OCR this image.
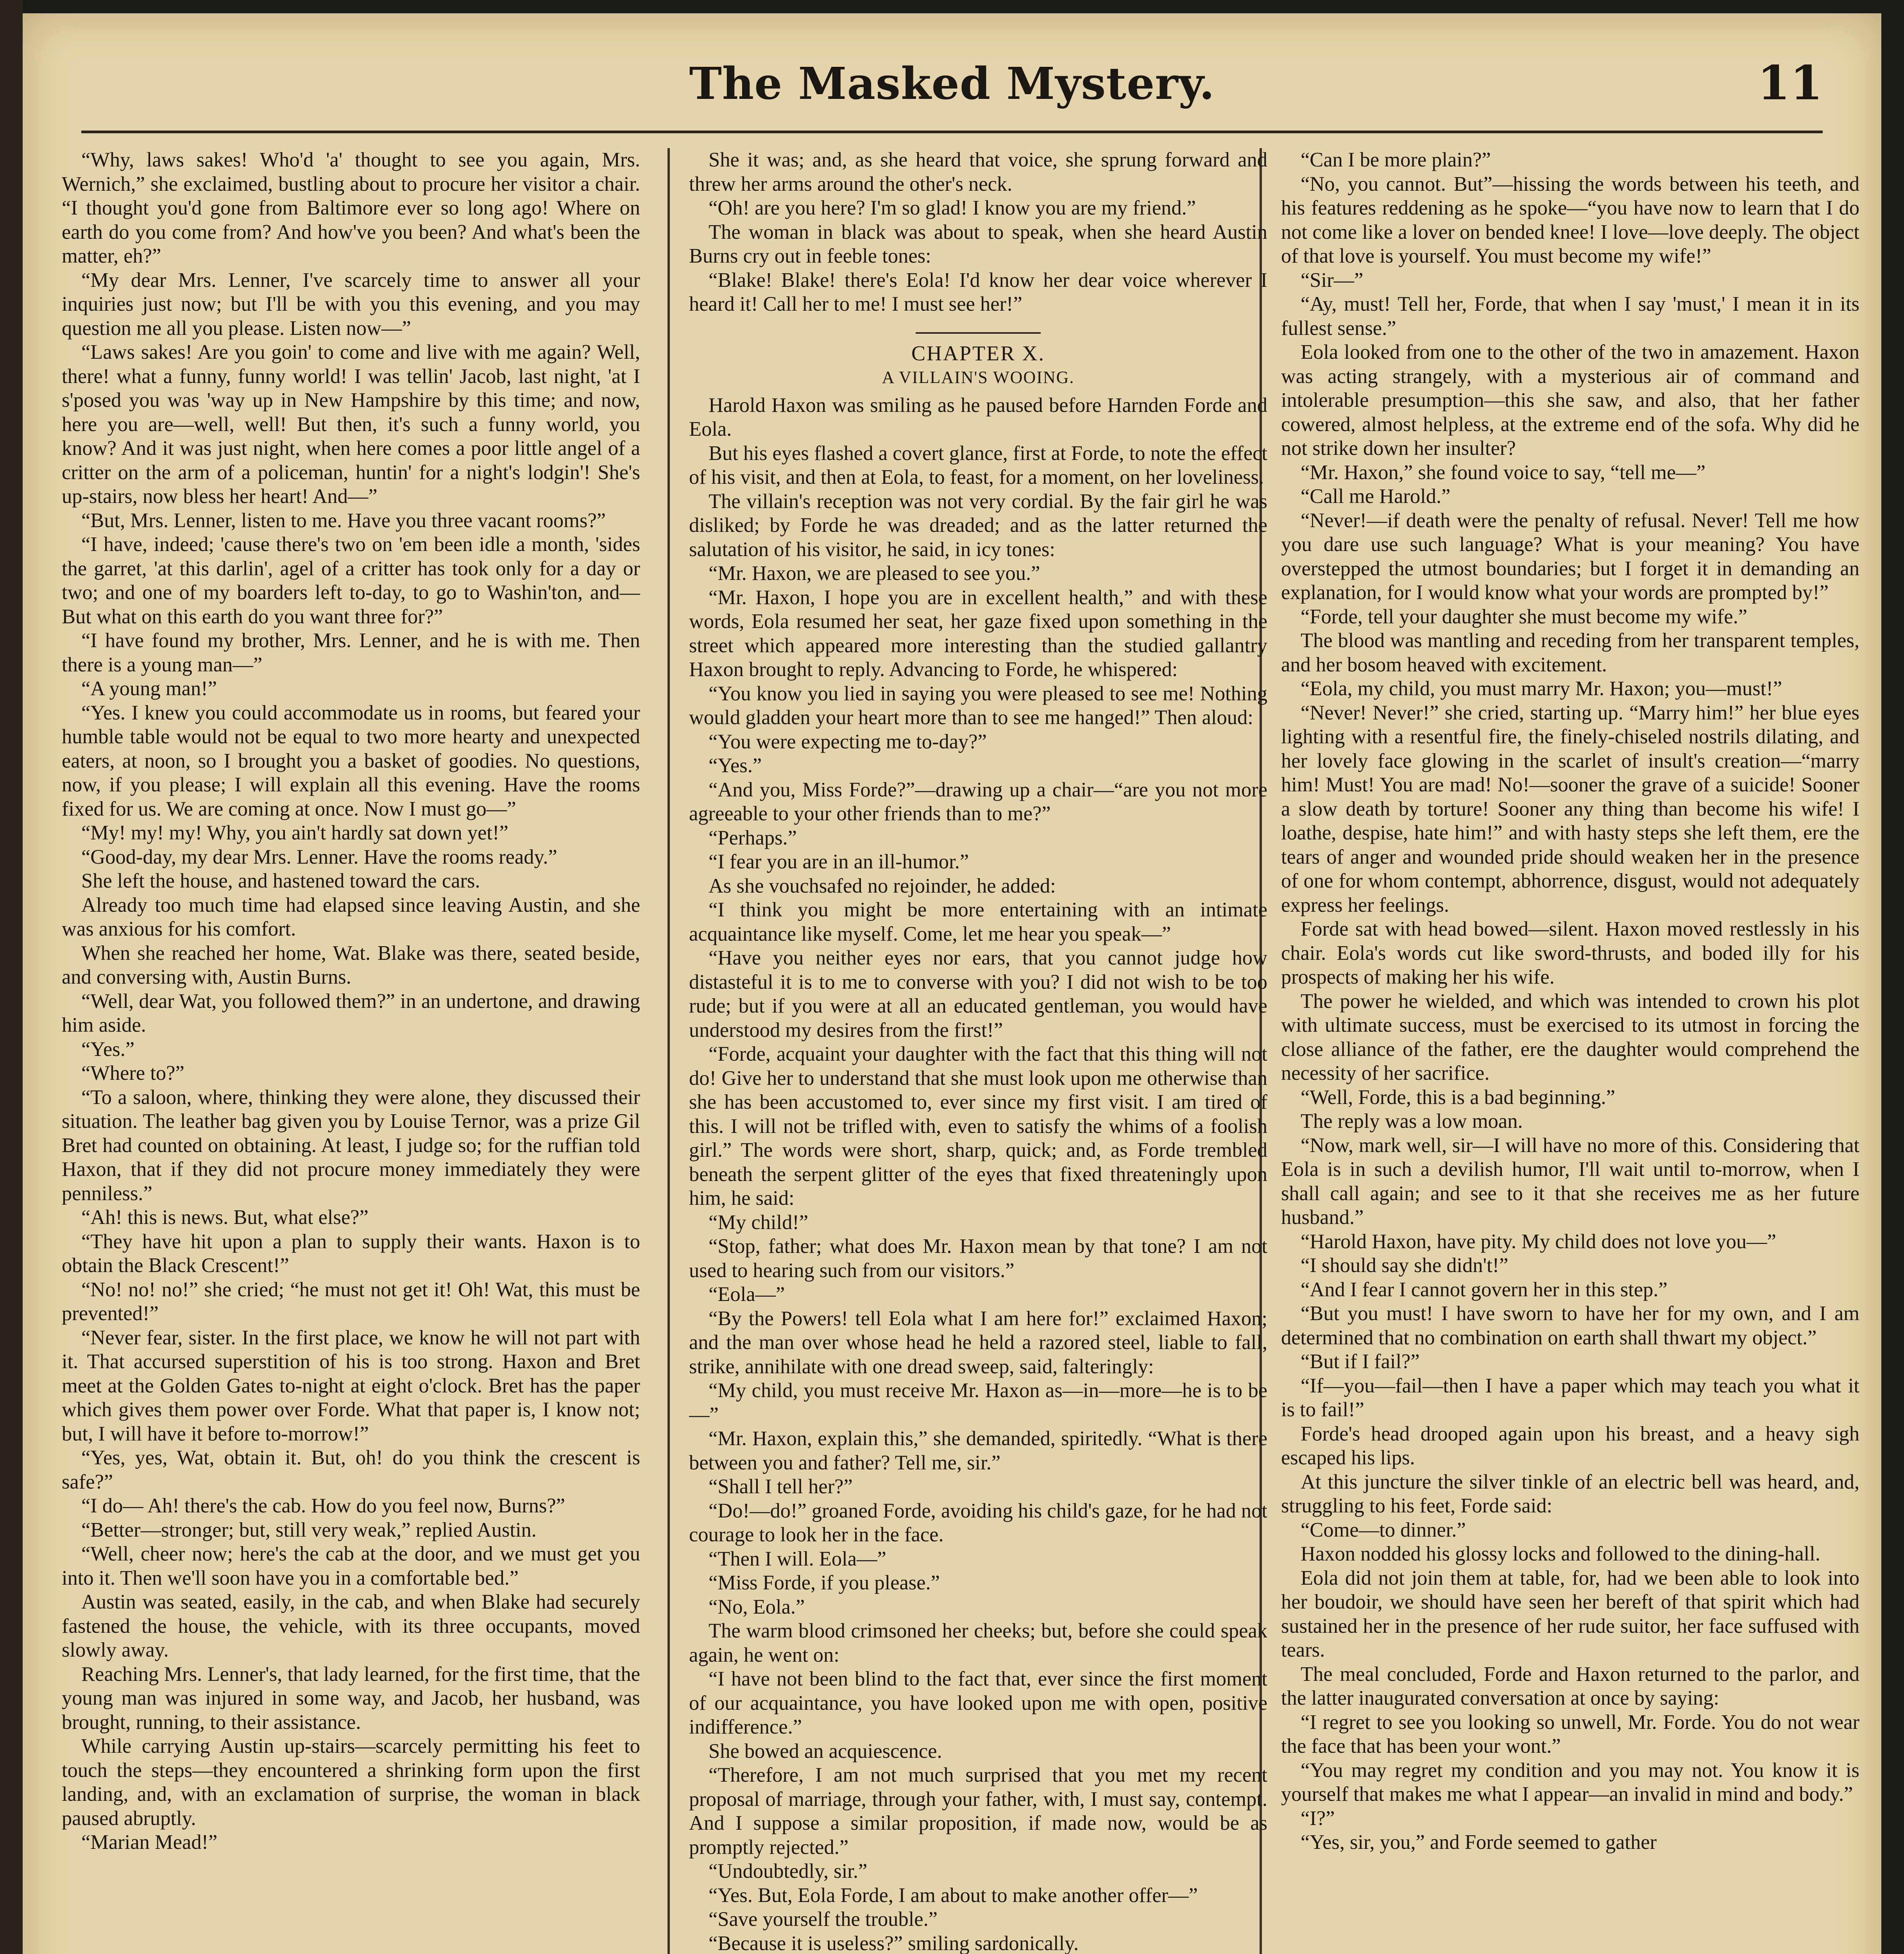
The Masked Mystery.	11

“Why, laws sakes! Who'd 'a' thought to see you again, Mrs. Wernich,” she exclaimed, bustling about to procure her visitor a chair. “I thought you'd gone from Baltimore ever so long ago! Where on earth do you come from? And how've you been? And what's been the matter, eh?”

“My dear Mrs. Lenner, I've scarcely time to answer all your inquiries just now; but I'll be with you this evening, and you may question me all you please. Listen now—”

“Laws sakes! Are you goin' to come and live with me again? Well, there! what a funny, funny world! I was tellin' Jacob, last night, 'at I s'posed you was 'way up in New Hampshire by this time; and now, here you are—well, well! But then, it's such a funny world, you know? And it was just night, when here comes a poor little angel of a critter on the arm of a policeman, huntin' for a night's lodgin'! She's up-stairs, now bless her heart! And—”

“But, Mrs. Lenner, listen to me. Have you three vacant rooms?”

“I have, indeed; 'cause there's two on 'em been idle a month, 'sides the garret, 'at this darlin', agel of a critter has took only for a day or two; and one of my boarders left to-day, to go to Washin'ton, and— But what on this earth do you want three for?”

“I have found my brother, Mrs. Lenner, and he is with me. Then there is a young man—”

“A young man!”

“Yes. I knew you could accommodate us in rooms, but feared your humble table would not be equal to two more hearty and unexpected eaters, at noon, so I brought you a basket of goodies. No questions, now, if you please; I will explain all this evening. Have the rooms fixed for us. We are coming at once. Now I must go—”

“My! my! my! Why, you ain't hardly sat down yet!”

“Good-day, my dear Mrs. Lenner. Have the rooms ready.”

She left the house, and hastened toward the cars.

Already too much time had elapsed since leaving Austin, and she was anxious for his comfort.

When she reached her home, Wat. Blake was there, seated beside, and conversing with, Austin Burns.

“Well, dear Wat, you followed them?” in an undertone, and drawing him aside.

“Yes.”

“Where to?”

“To a saloon, where, thinking they were alone, they discussed their situation. The leather bag given you by Louise Ternor, was a prize Gil Bret had counted on obtaining. At least, I judge so; for the ruffian told Haxon, that if they did not procure money immediately they were penniless.”

“Ah! this is news. But, what else?”

“They have hit upon a plan to supply their wants. Haxon is to obtain the Black Crescent!”

“No! no! no!” she cried; “he must not get it! Oh! Wat, this must be prevented!”

“Never fear, sister. In the first place, we know he will not part with it. That accursed superstition of his is too strong. Haxon and Bret meet at the Golden Gates to-night at eight o'clock. Bret has the paper which gives them power over Forde. What that paper is, I know not; but, I will have it before to-morrow!”

“Yes, yes, Wat, obtain it. But, oh! do you think the crescent is safe?”

“I do— Ah! there's the cab. How do you feel now, Burns?”

“Better—stronger; but, still very weak,” replied Austin.

“Well, cheer now; here's the cab at the door, and we must get you into it. Then we'll soon have you in a comfortable bed.”

Austin was seated, easily, in the cab, and when Blake had securely fastened the house, the vehicle, with its three occupants, moved slowly away.

Reaching Mrs. Lenner's, that lady learned, for the first time, that the young man was injured in some way, and Jacob, her husband, was brought, running, to their assistance.

While carrying Austin up-stairs—scarcely permitting his feet to touch the steps—they encountered a shrinking form upon the first landing, and, with an exclamation of surprise, the woman in black paused abruptly.

“Marian Mead!”

She it was; and, as she heard that voice, she sprung forward and threw her arms around the other's neck.

“Oh! are you here? I'm so glad! I know you are my friend.”

The woman in black was about to speak, when she heard Austin Burns cry out in feeble tones:

“Blake! Blake! there's Eola! I'd know her dear voice wherever I heard it! Call her to me! I must see her!”

CHAPTER X.
A VILLAIN'S WOOING.

Harold Haxon was smiling as he paused before Harnden Forde and Eola.

But his eyes flashed a covert glance, first at Forde, to note the effect of his visit, and then at Eola, to feast, for a moment, on her loveliness.

The villain's reception was not very cordial. By the fair girl he was disliked; by Forde he was dreaded; and as the latter returned the salutation of his visitor, he said, in icy tones:

“Mr. Haxon, we are pleased to see you.”

“Mr. Haxon, I hope you are in excellent health,” and with these words, Eola resumed her seat, her gaze fixed upon something in the street which appeared more interesting than the studied gallantry Haxon brought to reply. Advancing to Forde, he whispered:

“You know you lied in saying you were pleased to see me! Nothing would gladden your heart more than to see me hanged!” Then aloud:

“You were expecting me to-day?”

“Yes.”

“And you, Miss Forde?”—drawing up a chair—“are you not more agreeable to your other friends than to me?”

“Perhaps.”

“I fear you are in an ill-humor.”

As she vouchsafed no rejoinder, he added:

“I think you might be more entertaining with an intimate acquaintance like myself. Come, let me hear you speak—”

“Have you neither eyes nor ears, that you cannot judge how distasteful it is to me to converse with you? I did not wish to be too rude; but if you were at all an educated gentleman, you would have understood my desires from the first!”

“Forde, acquaint your daughter with the fact that this thing will not do! Give her to understand that she must look upon me otherwise than she has been accustomed to, ever since my first visit. I am tired of this. I will not be trifled with, even to satisfy the whims of a foolish girl.” The words were short, sharp, quick; and, as Forde trembled beneath the serpent glitter of the eyes that fixed threateningly upon him, he said:

“My child!”

“Stop, father; what does Mr. Haxon mean by that tone? I am not used to hearing such from our visitors.”

“Eola—”

“By the Powers! tell Eola what I am here for!” exclaimed Haxon; and the man over whose head he held a razored steel, liable to fall, strike, annihilate with one dread sweep, said, falteringly:

“My child, you must receive Mr. Haxon as—in—more—he is to be—”

“Mr. Haxon, explain this,” she demanded, spiritedly. “What is there between you and father? Tell me, sir.”

“Shall I tell her?”

“Do!—do!” groaned Forde, avoiding his child's gaze, for he had not courage to look her in the face.

“Then I will. Eola—”

“Miss Forde, if you please.”

“No, Eola.”

The warm blood crimsoned her cheeks; but, before she could speak again, he went on:

“I have not been blind to the fact that, ever since the first moment of our acquaintance, you have looked upon me with open, positive indifference.”

She bowed an acquiescence.

“Therefore, I am not much surprised that you met my recent proposal of marriage, through your father, with, I must say, contempt. And I suppose a similar proposition, if made now, would be as promptly rejected.”

“Undoubtedly, sir.”

“Yes. But, Eola Forde, I am about to make another offer—”

“Save yourself the trouble.”

“Because it is useless?” smiling sardonically.

“Can I be more plain?”

“No, you cannot. But”—hissing the words between his teeth, and his features reddening as he spoke—“you have now to learn that I do not come like a lover on bended knee! I love—love deeply. The object of that love is yourself. You must become my wife!”

“Sir—”

“Ay, must! Tell her, Forde, that when I say 'must,' I mean it in its fullest sense.”

Eola looked from one to the other of the two in amazement. Haxon was acting strangely, with a mysterious air of command and intolerable presumption—this she saw, and also, that her father cowered, almost helpless, at the extreme end of the sofa. Why did he not strike down her insulter?

“Mr. Haxon,” she found voice to say, “tell me—”

“Call me Harold.”

“Never!—if death were the penalty of refusal. Never! Tell me how you dare use such language? What is your meaning? You have overstepped the utmost boundaries; but I forget it in demanding an explanation, for I would know what your words are prompted by!”

“Forde, tell your daughter she must become my wife.”

The blood was mantling and receding from her transparent temples, and her bosom heaved with excitement.

“Eola, my child, you must marry Mr. Haxon; you—must!”

“Never! Never!” she cried, starting up. “Marry him!” her blue eyes lighting with a resentful fire, the finely-chiseled nostrils dilating, and her lovely face glowing in the scarlet of insult's creation—“marry him! Must! You are mad! No!—sooner the grave of a suicide! Sooner a slow death by torture! Sooner any thing than become his wife! I loathe, despise, hate him!” and with hasty steps she left them, ere the tears of anger and wounded pride should weaken her in the presence of one for whom contempt, abhorrence, disgust, would not adequately express her feelings.

Forde sat with head bowed—silent. Haxon moved restlessly in his chair. Eola's words cut like sword-thrusts, and boded illy for his prospects of making her his wife.

The power he wielded, and which was intended to crown his plot with ultimate success, must be exercised to its utmost in forcing the close alliance of the father, ere the daughter would comprehend the necessity of her sacrifice.

“Well, Forde, this is a bad beginning.”

The reply was a low moan.

“Now, mark well, sir—I will have no more of this. Considering that Eola is in such a devilish humor, I'll wait until to-morrow, when I shall call again; and see to it that she receives me as her future husband.”

“Harold Haxon, have pity. My child does not love you—”

“I should say she didn't!”

“And I fear I cannot govern her in this step.”

“But you must! I have sworn to have her for my own, and I am determined that no combination on earth shall thwart my object.”

“But if I fail?”

“If—you—fail—then I have a paper which may teach you what it is to fail!”

Forde's head drooped again upon his breast, and a heavy sigh escaped his lips.

At this juncture the silver tinkle of an electric bell was heard, and, struggling to his feet, Forde said:

“Come—to dinner.”

Haxon nodded his glossy locks and followed to the dining-hall.

Eola did not join them at table, for, had we been able to look into her boudoir, we should have seen her bereft of that spirit which had sustained her in the presence of her rude suitor, her face suffused with tears.

The meal concluded, Forde and Haxon returned to the parlor, and the latter inaugurated conversation at once by saying:

“I regret to see you looking so unwell, Mr. Forde. You do not wear the face that has been your wont.”

“You may regret my condition and you may not. You know it is yourself that makes me what I appear—an invalid in mind and body.”

“I?”

“Yes, sir, you,” and Forde seemed to gather
